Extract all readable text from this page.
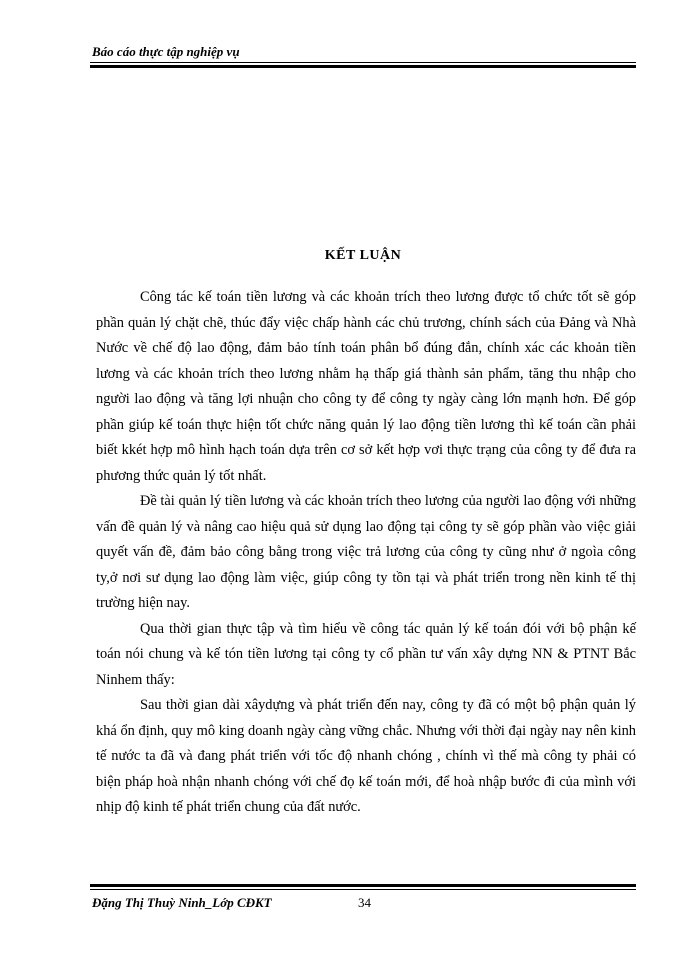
Báo cáo thực tập nghiệp vụ
KẾT LUẬN

Công tác kế toán tiền lương và các khoản trích theo lương được tổ chức tốt sẽ góp phần quản lý chặt chẽ, thúc đẩy việc chấp hành các chủ trương, chính sách của Đảng và Nhà Nước về chế độ lao động, đảm bảo tính toán phân bổ đúng đắn, chính xác các khoản tiền lương và các khoản trích theo lương nhằm hạ thấp giá thành sản phẩm, tăng thu nhập cho người lao động và tăng lợi nhuận cho công ty để công ty ngày càng lớn mạnh hơn. Để góp phần giúp kế toán thực hiện tốt chức năng quản lý lao động tiền lương thì kế toán cần phải biết kkét hợp mô hình hạch toán dựa trên cơ sở kết hợp vơi thực trạng của công ty để đưa ra phương thức quản lý tốt nhất.

Đề tài quản lý tiền lương và các khoản trích theo lương của người lao động với những vấn đề quản lý và nâng cao hiệu quả sử dụng lao động tại công ty sẽ góp phần vào việc giải quyết vấn đề, đảm bảo công bằng trong việc trả lương của công ty cũng như ở ngoìa công ty,ở nơi sư dụng lao động làm việc, giúp công ty tồn tại và phát triển trong nền kinh tế thị trường hiện nay.

Qua thời gian thực tập và tìm hiểu về công tác quản lý kế toán đói với bộ phận kế toán nói chung và kế tón tiền lương tại công ty cổ phần tư vấn xây dựng NN & PTNT Bắc Ninhem thấy:

Sau thời gian dài xâydựng và phát triển đến nay, công ty đã có một bộ phận quản lý khá ổn định, quy mô king doanh ngày càng vững chắc. Nhưng với thời đại ngày nay nên kinh tế nước ta đã và đang phát triển với tốc độ nhanh chóng , chính vì thế mà công ty phải có biện pháp hoà nhận nhanh chóng với chế đọ kế toán mới, để hoà nhập bước đi của mình với nhịp độ kinh tế phát triển chung của đất nước.

Đặng Thị Thuỳ Ninh_Lớp CĐKT	34
